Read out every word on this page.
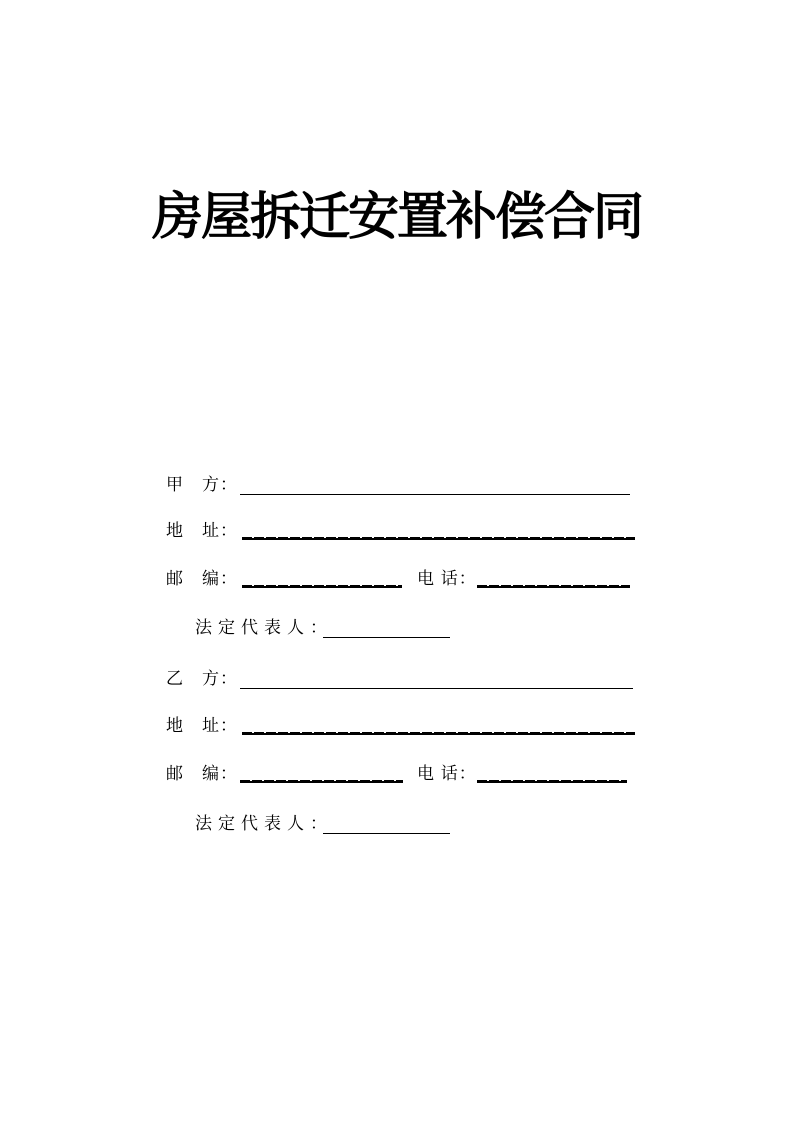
房屋拆迁安置补偿合同
甲　方：
地　址：
邮　编：	电 话：
法定代表人：
乙　方：
地　址：
邮　编：	电 话：
法定代表人：
